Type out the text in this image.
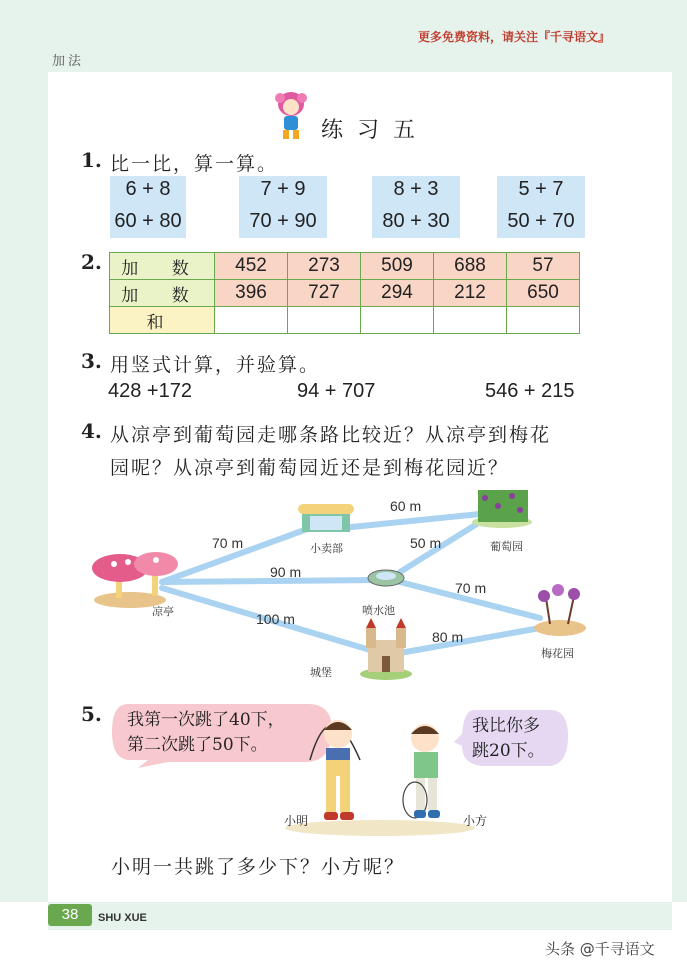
更多免费资料，请关注『千寻语文』
加法
练习五
1. 比一比，算一算。
6 + 8
60 + 80
7 + 9
70 + 90
8 + 3
80 + 30
5 + 7
50 + 70
2. 加 数	452	273	509	688	57
加 数	396	727	294	212	650
和					
3. 用竖式计算，并验算。
428 +172	94 + 707	546 + 215
4. 从凉亭到葡萄园走哪条路比较近？从凉亭到梅花
园呢？从凉亭到葡萄园近还是到梅花园近？
凉亭
小卖部	葡萄园
喷水池
城堡
梅花园
70 m
60 m
50 m
90 m
70 m
100 m
80 m
5. 我第一次跳了40下，
第二次跳了50下。
我比你多
跳20下。
小明	小方
小明一共跳了多少下？小方呢？
38	SHU XUE
头条 @千寻语文
